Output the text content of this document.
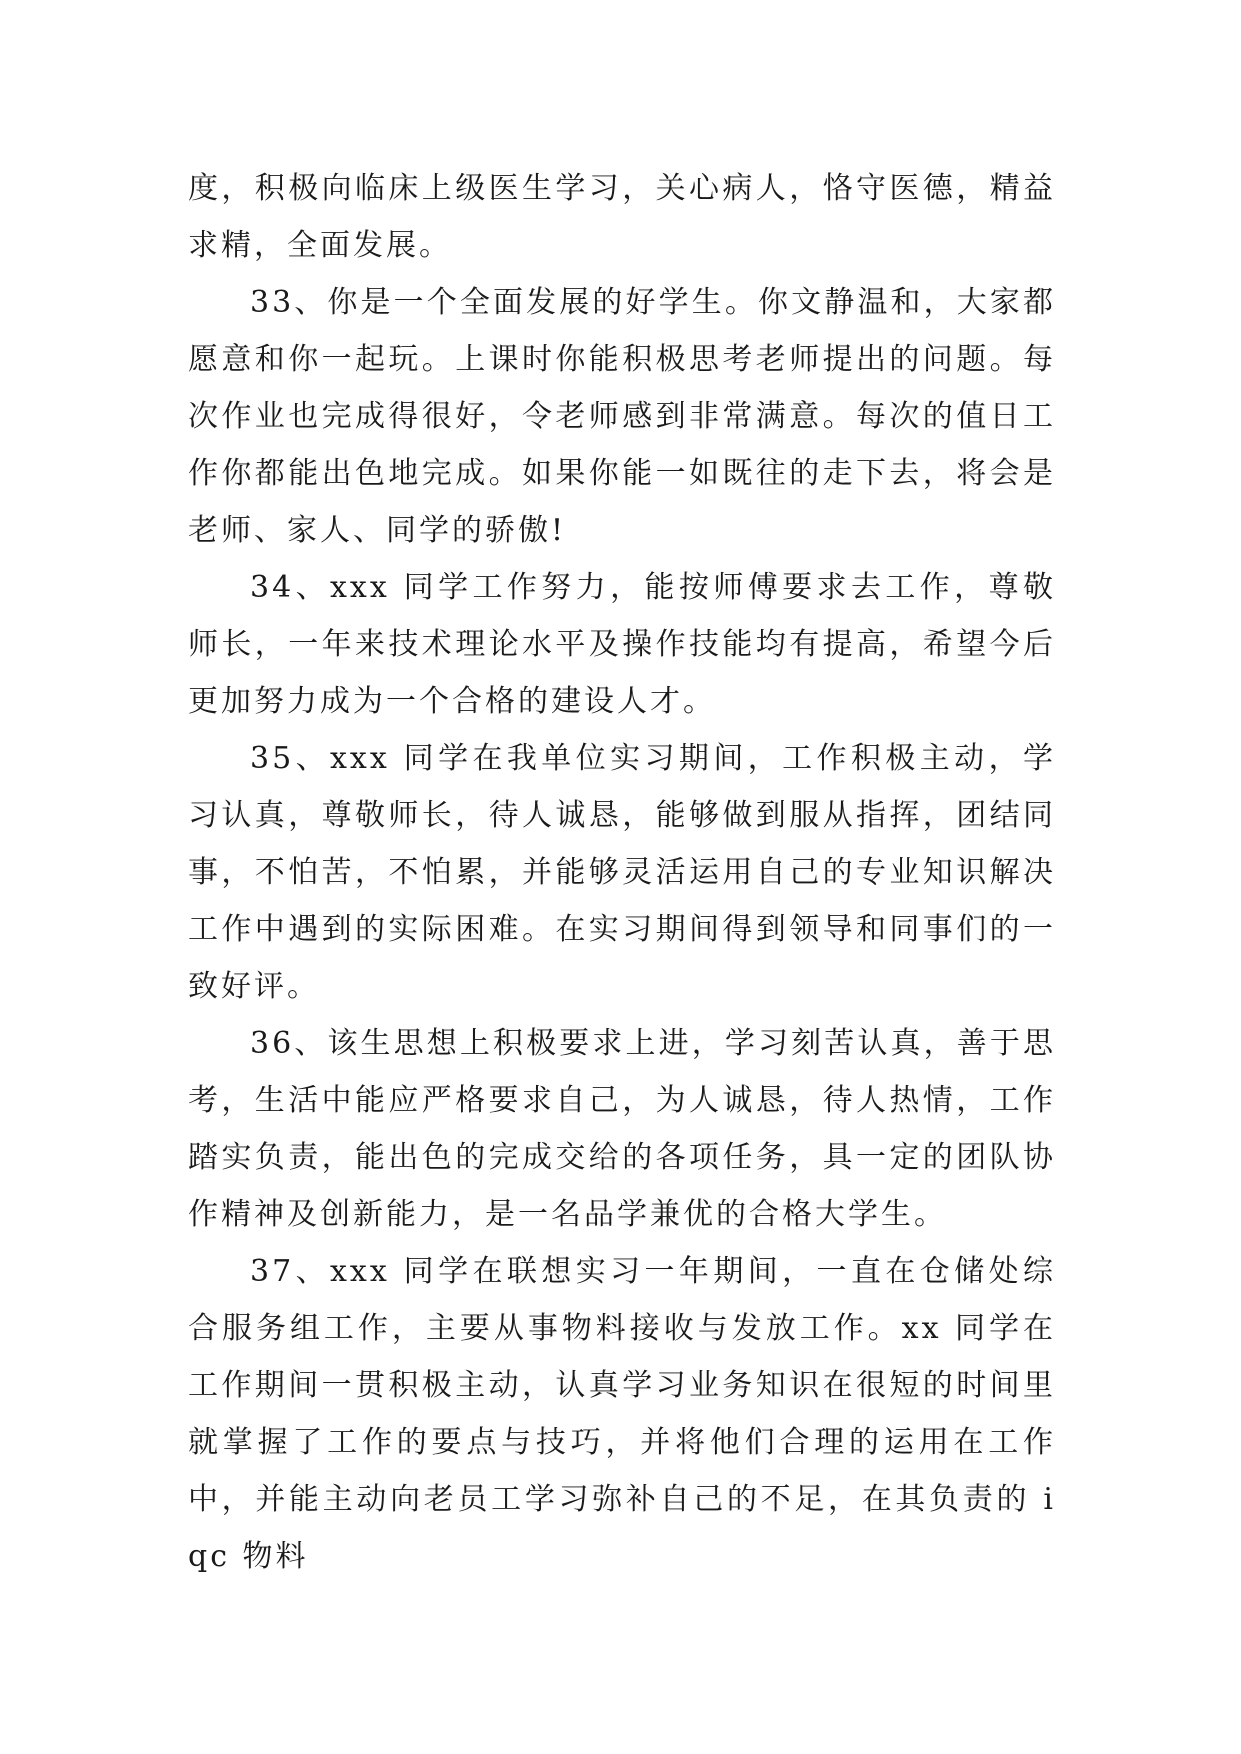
度，积极向临床上级医生学习，关心病人，恪守医德，精益求精，全面发展。

33、你是一个全面发展的好学生。你文静温和，大家都愿意和你一起玩。上课时你能积极思考老师提出的问题。每次作业也完成得很好，令老师感到非常满意。每次的值日工作你都能出色地完成。如果你能一如既往的走下去，将会是老师、家人、同学的骄傲!

34、xxx 同学工作努力，能按师傅要求去工作，尊敬师长，一年来技术理论水平及操作技能均有提高，希望今后更加努力成为一个合格的建设人才。

35、xxx 同学在我单位实习期间，工作积极主动，学习认真，尊敬师长，待人诚恳，能够做到服从指挥，团结同事，不怕苦，不怕累，并能够灵活运用自己的专业知识解决工作中遇到的实际困难。在实习期间得到领导和同事们的一致好评。

36、该生思想上积极要求上进，学习刻苦认真，善于思考，生活中能应严格要求自己，为人诚恳，待人热情，工作踏实负责，能出色的完成交给的各项任务，具一定的团队协作精神及创新能力，是一名品学兼优的合格大学生。

37、xxx 同学在联想实习一年期间，一直在仓储处综合服务组工作，主要从事物料接收与发放工作。xx 同学在工作期间一贯积极主动，认真学习业务知识在很短的时间里就掌握了工作的要点与技巧，并将他们合理的运用在工作中，并能主动向老员工学习弥补自己的不足，在其负责的 iqc 物料
